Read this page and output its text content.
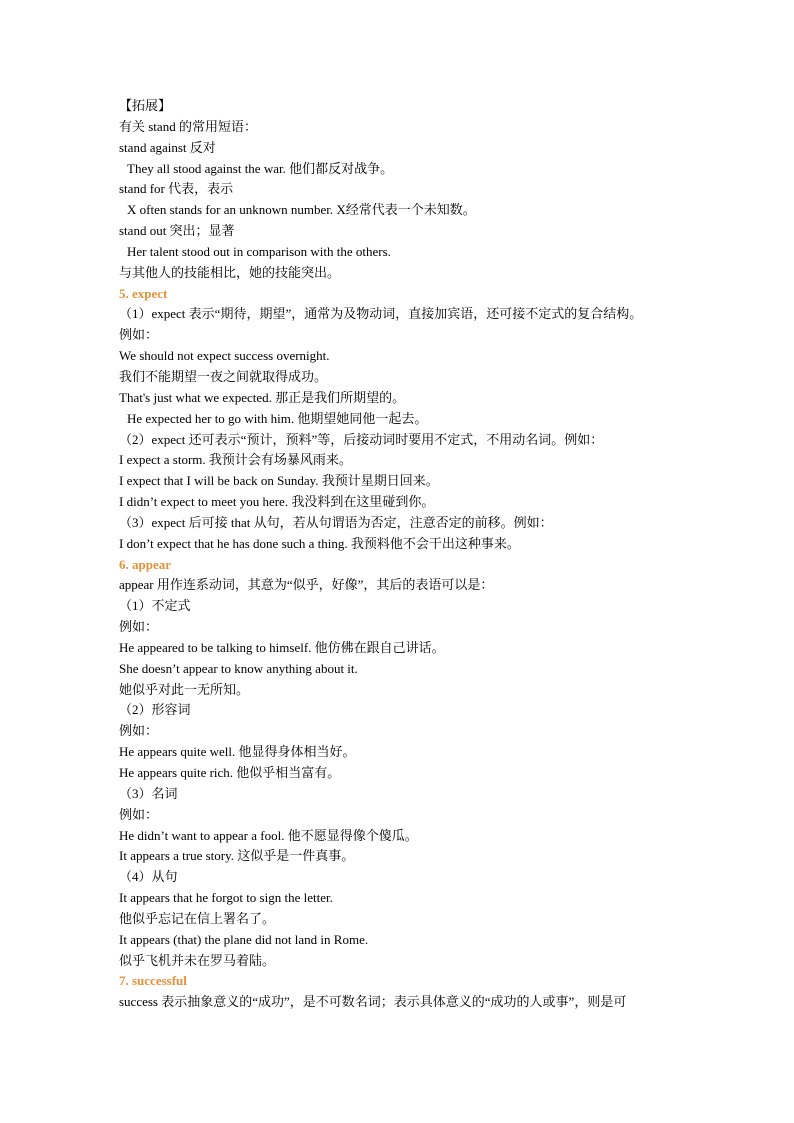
【拓展】
有关 stand 的常用短语：
stand against 反对
They all stood against the war. 他们都反对战争。
stand for 代表，表示
X often stands for an unknown number. X经常代表一个未知数。
stand out 突出；显著
Her talent stood out in comparison with the others.
与其他人的技能相比，她的技能突出。
5. expect
（1）expect 表示“期待，期望”，通常为及物动词，直接加宾语，还可接不定式的复合结构。
例如：
We should not expect success overnight.
我们不能期望一夜之间就取得成功。
That's just what we expected. 那正是我们所期望的。
He expected her to go with him. 他期望她同他一起去。
（2）expect 还可表示“预计，预料”等，后接动词时要用不定式，不用动名词。例如：
I expect a storm. 我预计会有场暴风雨来。
I expect that I will be back on Sunday. 我预计星期日回来。
I didn’t expect to meet you here. 我没料到在这里碰到你。
（3）expect 后可接 that 从句，若从句谓语为否定，注意否定的前移。例如：
I don’t expect that he has done such a thing. 我预料他不会干出这种事来。
6. appear
appear 用作连系动词，其意为“似乎，好像”，其后的表语可以是：
（1）不定式
例如：
He appeared to be talking to himself. 他仿佛在跟自己讲话。
She doesn’t appear to know anything about it.
她似乎对此一无所知。
（2）形容词
例如：
He appears quite well. 他显得身体相当好。
He appears quite rich. 他似乎相当富有。
（3）名词
例如：
He didn’t want to appear a fool. 他不愿显得像个傻瓜。
It appears a true story. 这似乎是一件真事。
（4）从句
It appears that he forgot to sign the letter.
他似乎忘记在信上署名了。
It appears (that) the plane did not land in Rome.
似乎飞机并未在罗马着陆。
7. successful
success 表示抽象意义的“成功”，是不可数名词；表示具体意义的“成功的人或事”，则是可
